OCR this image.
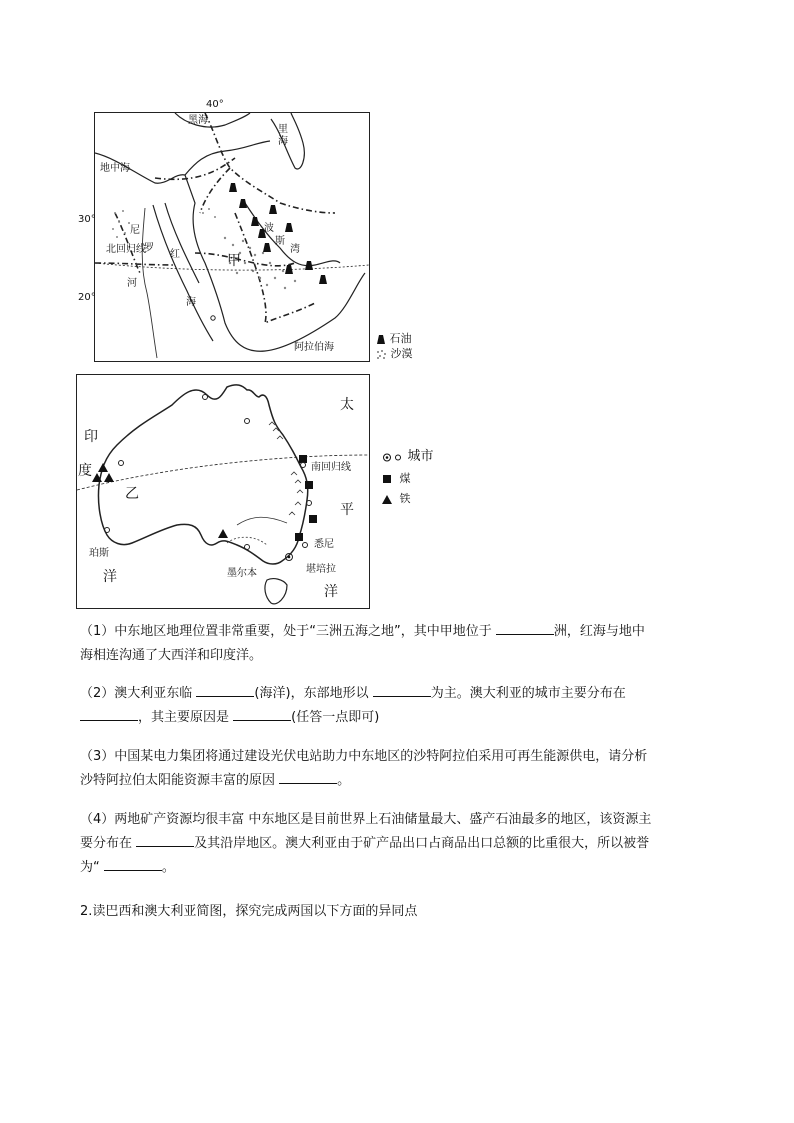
40°
30°
20°
黑海
里
海
地中海
尼
罗
河
红
海
北回归线
甲
波
斯
湾
阿拉伯海
石油
沙漠
太
平
洋
印
度
乙
珀斯
洋
南回归线
悉尼
堪培拉
墨尔本
城市
煤
铁
（1）中东地区地理位置非常重要，处于“三洲五海之地”，其中甲地位于	洲，红海与地中
海相连沟通了大西洋和印度洋。
（2）澳大利亚东临	(海洋)，东部地形以	为主。澳大利亚的城市主要分布在
，其主要原因是	(任答一点即可)
（3）中国某电力集团将通过建设光伏电站助力中东地区的沙特阿拉伯采用可再生能源供电，请分析
沙特阿拉伯太阳能资源丰富的原因	。
（4）两地矿产资源均很丰富 中东地区是目前世界上石油储量最大、盛产石油最多的地区，该资源主
要分布在	及其沿岸地区。澳大利亚由于矿产品出口占商品出口总额的比重很大，所以被誉
为“	。
2.读巴西和澳大利亚简图，探究完成两国以下方面的异同点
